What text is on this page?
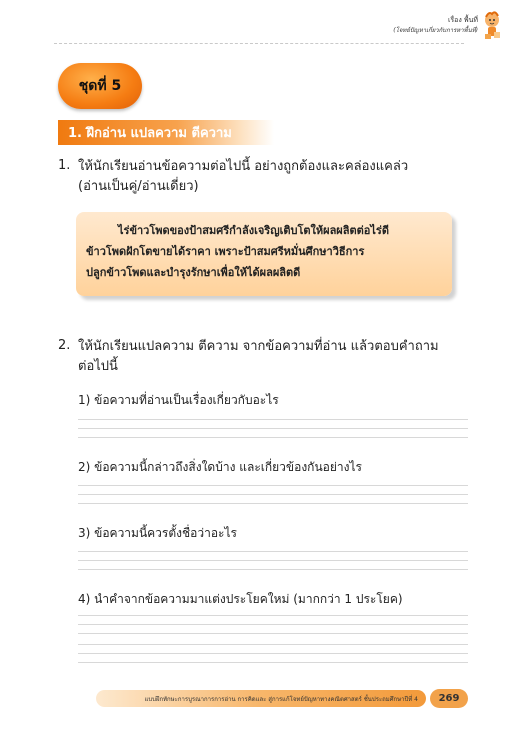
เรื่อง พื้นที่
(โจทย์ปัญหาเกี่ยวกับการหาพื้นที่)
ชุดที่ 5
1. ฝึกอ่าน แปลความ ตีความ
1. ให้นักเรียนอ่านข้อความต่อไปนี้ อย่างถูกต้องและคล่องแคล่ว
(อ่านเป็นคู่/อ่านเดี่ยว)
ไร่ข้าวโพดของป้าสมศรีกำลังเจริญเติบโตให้ผลผลิตต่อไร่ดี
ข้าวโพดฝักโตขายได้ราคา เพราะป้าสมศรีหมั่นศึกษาวิธีการ
ปลูกข้าวโพดและบำรุงรักษาเพื่อให้ได้ผลผลิตดี
2. ให้นักเรียนแปลความ ตีความ จากข้อความที่อ่าน แล้วตอบคำถาม
ต่อไปนี้
1) ข้อความที่อ่านเป็นเรื่องเกี่ยวกับอะไร
2) ข้อความนี้กล่าวถึงสิ่งใดบ้าง และเกี่ยวข้องกันอย่างไร
3) ข้อความนี้ควรตั้งชื่อว่าอะไร
4) นำคำจากข้อความมาแต่งประโยคใหม่ (มากกว่า 1 ประโยค)
แบบฝึกทักษะการบูรณาการการอ่าน การคิดและ สู่การแก้โจทย์ปัญหาทางคณิตศาสตร์ ชั้นประถมศึกษาปีที่ 4	269
